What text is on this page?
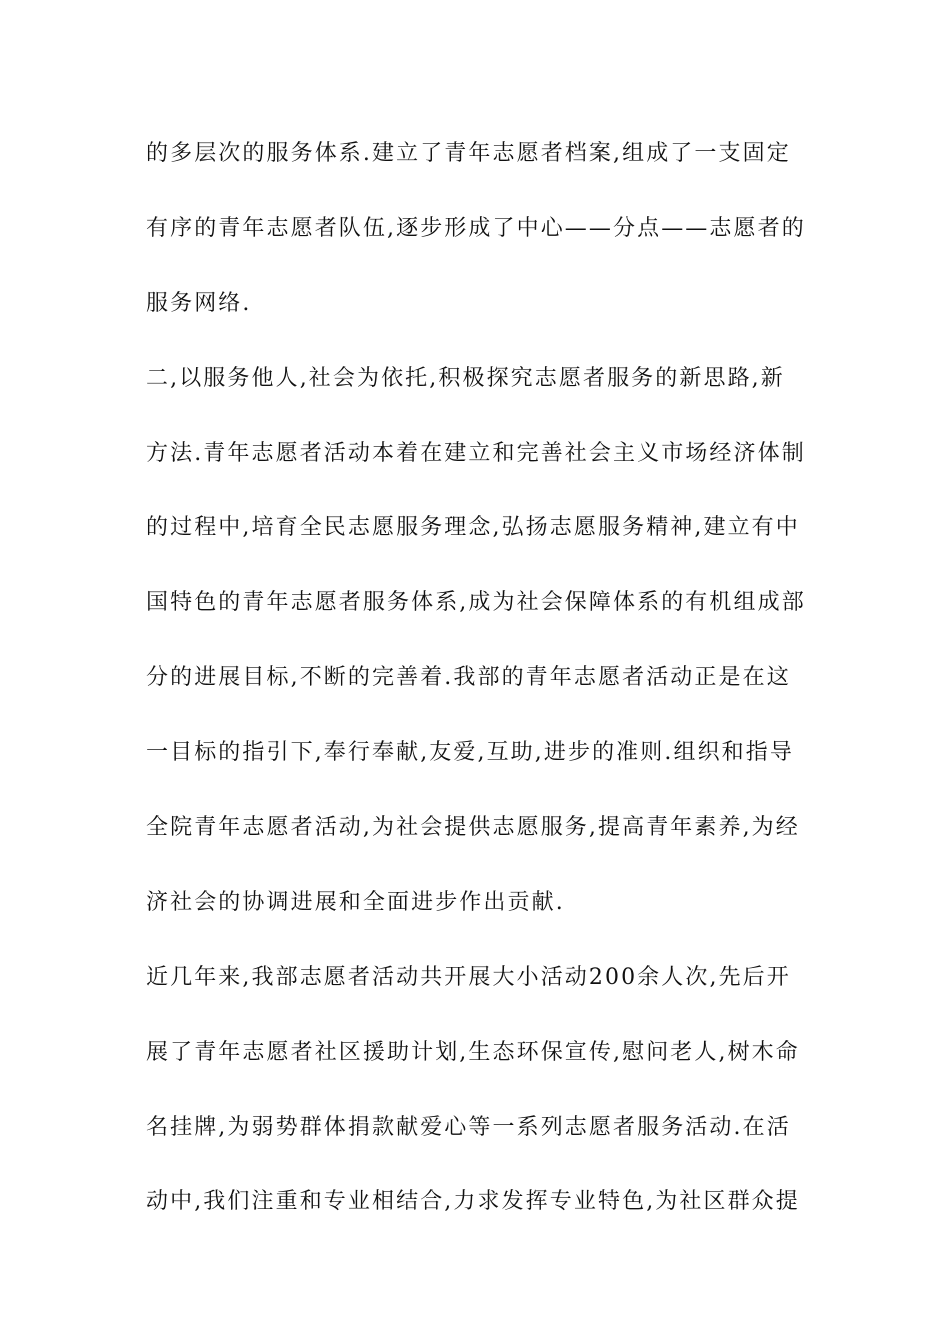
的多层次的服务体系.建立了青年志愿者档案,组成了一支固定
有序的青年志愿者队伍,逐步形成了中心——分点——志愿者的
服务网络.
二,以服务他人,社会为依托,积极探究志愿者服务的新思路,新
方法.青年志愿者活动本着在建立和完善社会主义市场经济体制
的过程中,培育全民志愿服务理念,弘扬志愿服务精神,建立有中
国特色的青年志愿者服务体系,成为社会保障体系的有机组成部
分的进展目标,不断的完善着.我部的青年志愿者活动正是在这
一目标的指引下,奉行奉献,友爱,互助,进步的准则.组织和指导
全院青年志愿者活动,为社会提供志愿服务,提高青年素养,为经
济社会的协调进展和全面进步作出贡献.
近几年来,我部志愿者活动共开展大小活动200余人次,先后开
展了青年志愿者社区援助计划,生态环保宣传,慰问老人,树木命
名挂牌,为弱势群体捐款献爱心等一系列志愿者服务活动.在活
动中,我们注重和专业相结合,力求发挥专业特色,为社区群众提
